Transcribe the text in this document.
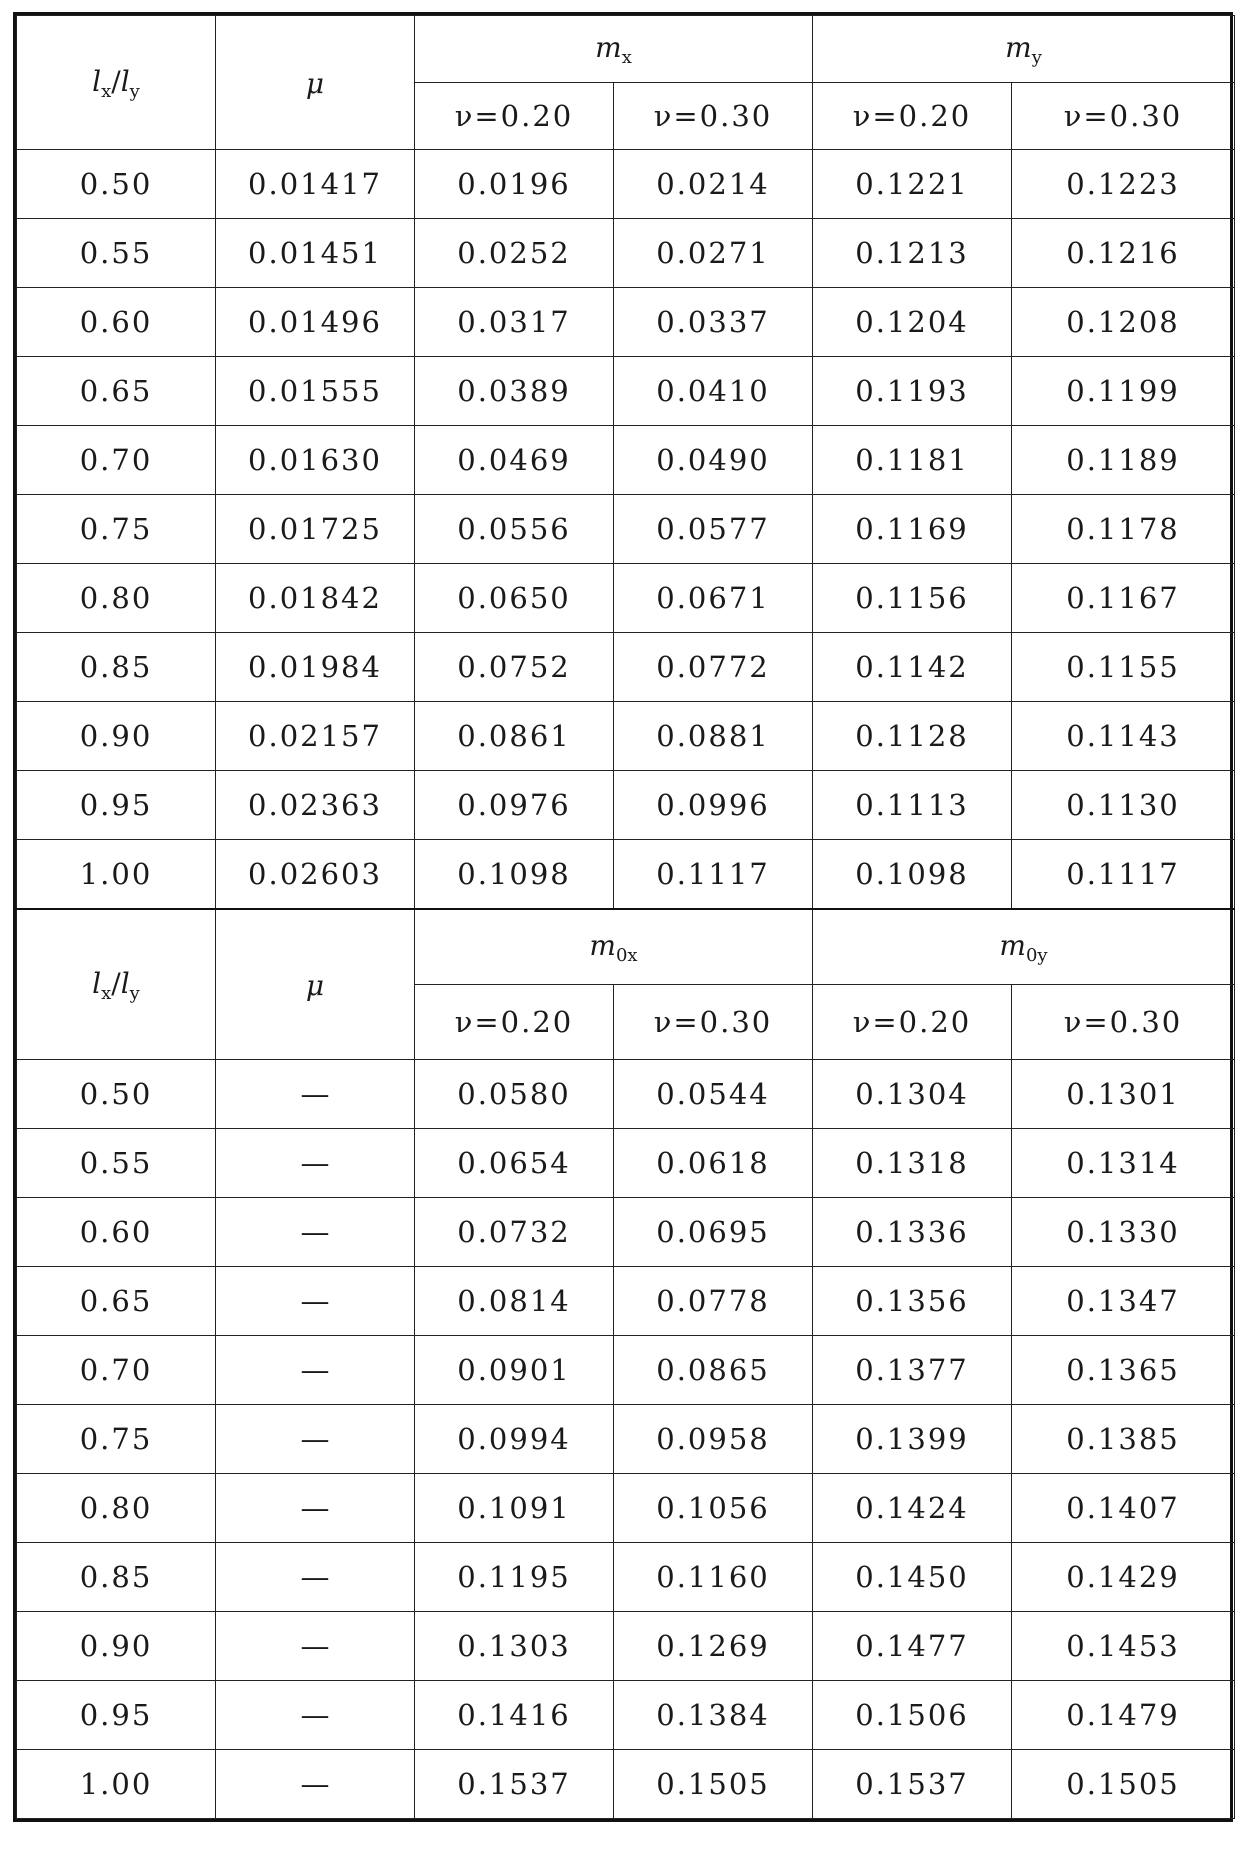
$l_x/l_y$	μ	$m_x$		$m_y$
		ν=0.20	ν=0.30	ν=0.20	ν=0.30
0.50	0.01417	0.0196	0.0214	0.1221	0.1223
0.55	0.01451	0.0252	0.0271	0.1213	0.1216
0.60	0.01496	0.0317	0.0337	0.1204	0.1208
0.65	0.01555	0.0389	0.0410	0.1193	0.1199
0.70	0.01630	0.0469	0.0490	0.1181	0.1189
0.75	0.01725	0.0556	0.0577	0.1169	0.1178
0.80	0.01842	0.0650	0.0671	0.1156	0.1167
0.85	0.01984	0.0752	0.0772	0.1142	0.1155
0.90	0.02157	0.0861	0.0881	0.1128	0.1143
0.95	0.02363	0.0976	0.0996	0.1113	0.1130
1.00	0.02603	0.1098	0.1117	0.1098	0.1117
$l_x/l_y$	μ	$m_{0x}$		$m_{0y}$
		ν=0.20	ν=0.30	ν=0.20	ν=0.30
0.50	—	0.0580	0.0544	0.1304	0.1301
0.55	—	0.0654	0.0618	0.1318	0.1314
0.60	—	0.0732	0.0695	0.1336	0.1330
0.65	—	0.0814	0.0778	0.1356	0.1347
0.70	—	0.0901	0.0865	0.1377	0.1365
0.75	—	0.0994	0.0958	0.1399	0.1385
0.80	—	0.1091	0.1056	0.1424	0.1407
0.85	—	0.1195	0.1160	0.1450	0.1429
0.90	—	0.1303	0.1269	0.1477	0.1453
0.95	—	0.1416	0.1384	0.1506	0.1479
1.00	—	0.1537	0.1505	0.1537	0.1505
